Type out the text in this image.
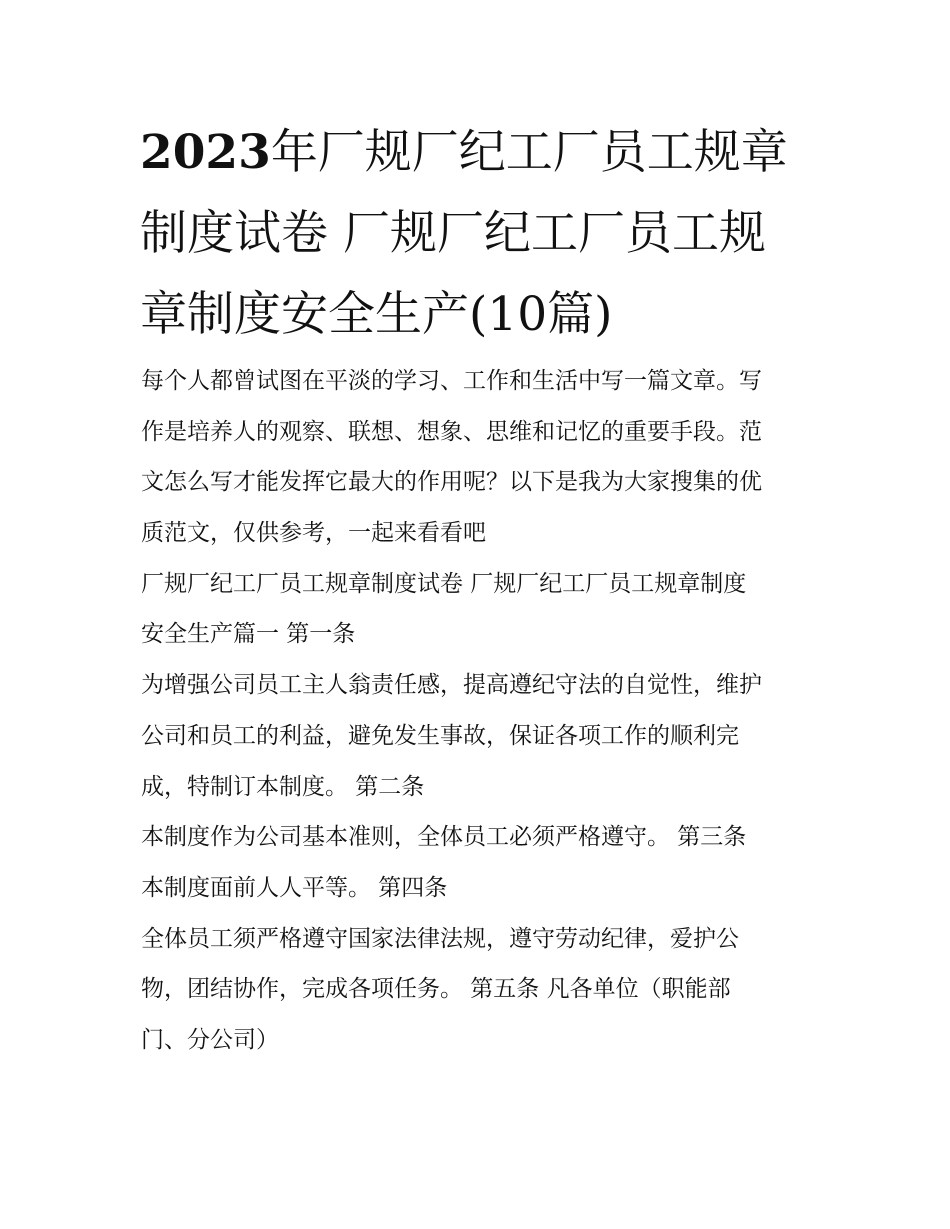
2023年厂规厂纪工厂员工规章
制度试卷 厂规厂纪工厂员工规
章制度安全生产(10篇)
每个人都曾试图在平淡的学习、工作和生活中写一篇文章。写
作是培养人的观察、联想、想象、思维和记忆的重要手段。范
文怎么写才能发挥它最大的作用呢？以下是我为大家搜集的优
质范文，仅供参考，一起来看看吧
厂规厂纪工厂员工规章制度试卷 厂规厂纪工厂员工规章制度
安全生产篇一 第一条
为增强公司员工主人翁责任感，提高遵纪守法的自觉性，维护
公司和员工的利益，避免发生事故，保证各项工作的顺利完
成，特制订本制度。 第二条
本制度作为公司基本准则，全体员工必须严格遵守。 第三条
本制度面前人人平等。 第四条
全体员工须严格遵守国家法律法规，遵守劳动纪律，爱护公
物，团结协作，完成各项任务。 第五条 凡各单位（职能部
门、分公司）
